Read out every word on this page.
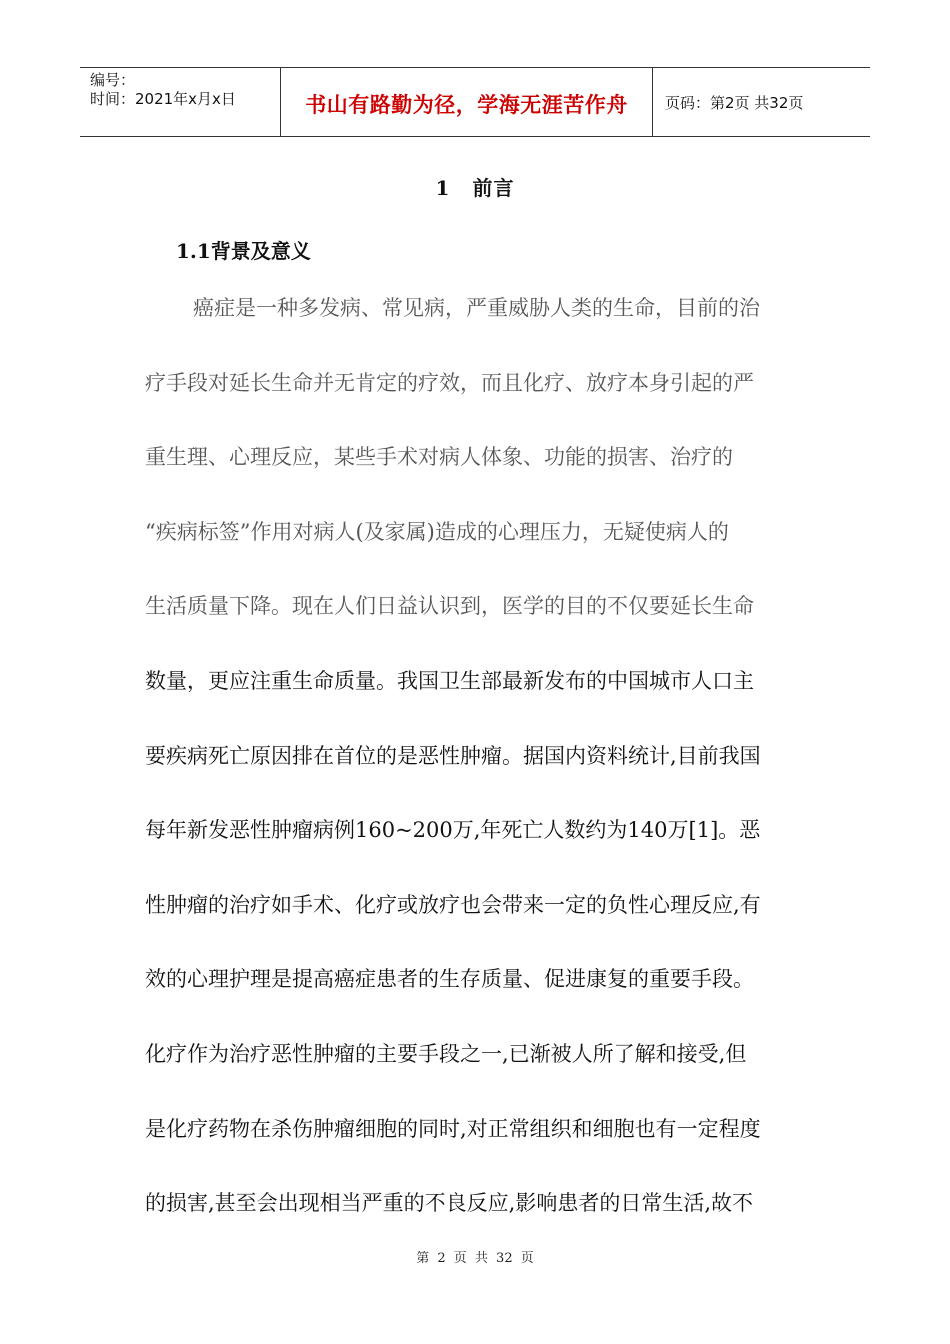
编号：
时间：2021年x月x日	书山有路勤为径，学海无涯苦作舟 页码：第2页 共32页
1 前言
1.1背景及意义
癌症是一种多发病、常见病，严重威胁人类的生命，目前的治
疗手段对延长生命并无肯定的疗效，而且化疗、放疗本身引起的严
重生理、心理反应，某些手术对病人体象、功能的损害、治疗的
“疾病标签”作用对病人(及家属)造成的心理压力，无疑使病人的
生活质量下降。现在人们日益认识到，医学的目的不仅要延长生命
数量，更应注重生命质量。我国卫生部最新发布的中国城市人口主
要疾病死亡原因排在首位的是恶性肿瘤。据国内资料统计,目前我国
每年新发恶性肿瘤病例160~200万,年死亡人数约为140万[1]。恶
性肿瘤的治疗如手术、化疗或放疗也会带来一定的负性心理反应,有
效的心理护理是提高癌症患者的生存质量、促进康复的重要手段。
化疗作为治疗恶性肿瘤的主要手段之一,已渐被人所了解和接受,但
是化疗药物在杀伤肿瘤细胞的同时,对正常组织和细胞也有一定程度
的损害,甚至会出现相当严重的不良反应,影响患者的日常生活,故不
第 2 页 共 32 页
